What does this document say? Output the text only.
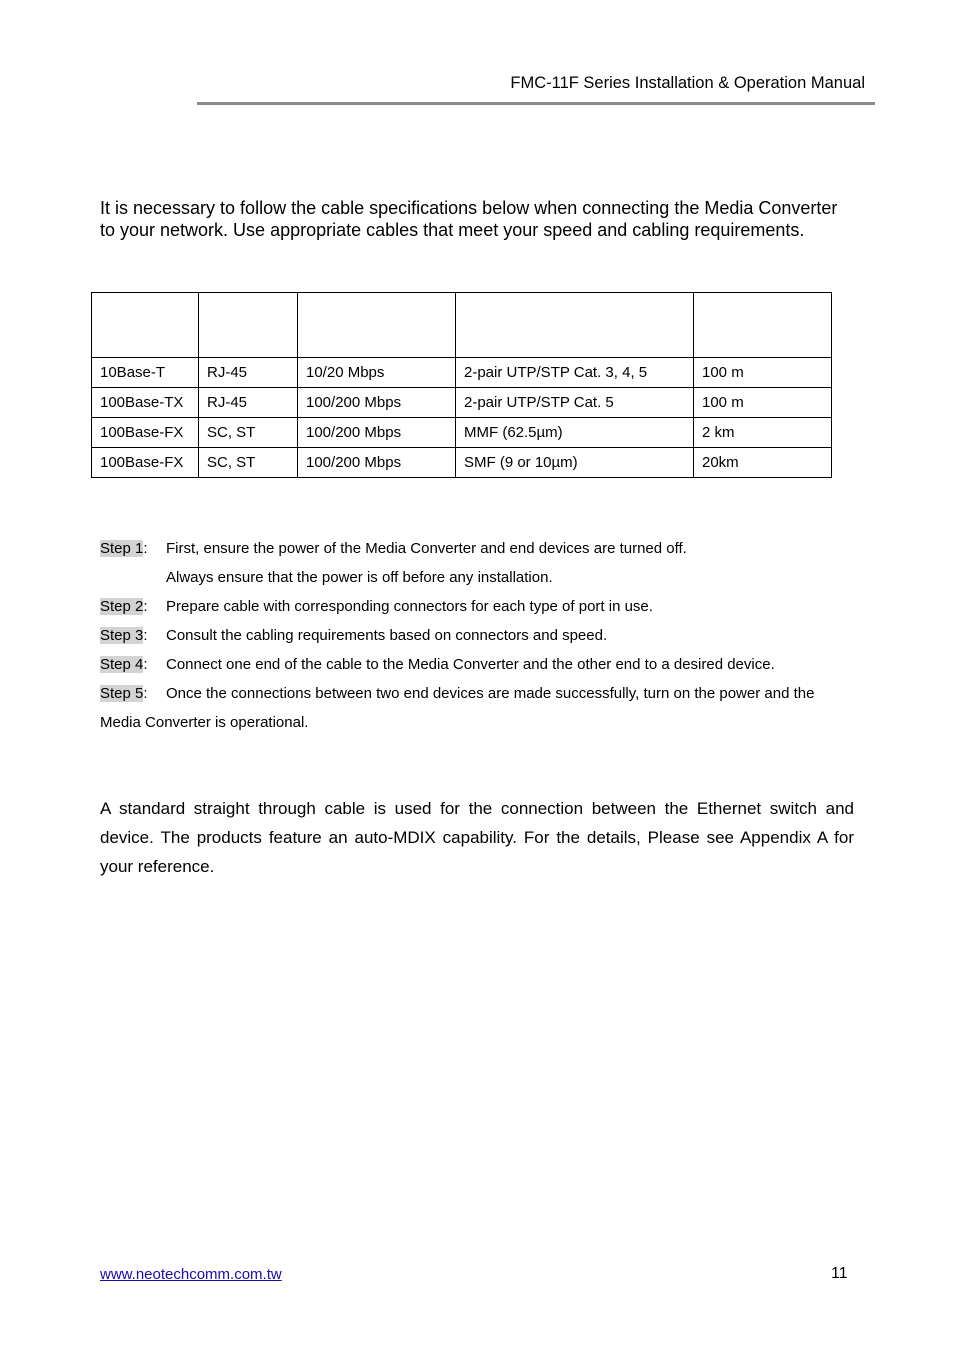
FMC-11F Series Installation & Operation Manual
It is necessary to follow the cable specifications below when connecting the Media Converter to your network. Use appropriate cables that meet your speed and cabling requirements.

10Base-T	RJ-45	10/20 Mbps	2-pair UTP/STP Cat. 3, 4, 5	100 m
100Base-TX	RJ-45	100/200 Mbps	2-pair UTP/STP Cat. 5	100 m
100Base-FX	SC, ST	100/200 Mbps	MMF (62.5µm)	2 km
100Base-FX	SC, ST	100/200 Mbps	SMF (9 or 10µm)	20km
Step 1:	First, ensure the power of the Media Converter and end devices are turned off.
Always ensure that the power is off before any installation.
Step 2:	Prepare cable with corresponding connectors for each type of port in use.
Step 3:	Consult the cabling requirements based on connectors and speed.
Step 4:	Connect one end of the cable to the Media Converter and the other end to a desired device.
Step 5:	Once the connections between two end devices are made successfully, turn on the power and the
Media Converter is operational.
A standard straight through cable is used for the connection between the Ethernet switch and device. The products feature an auto-MDIX capability. For the details, Please see Appendix A for your reference.
www.neotechcomm.com.tw	11
